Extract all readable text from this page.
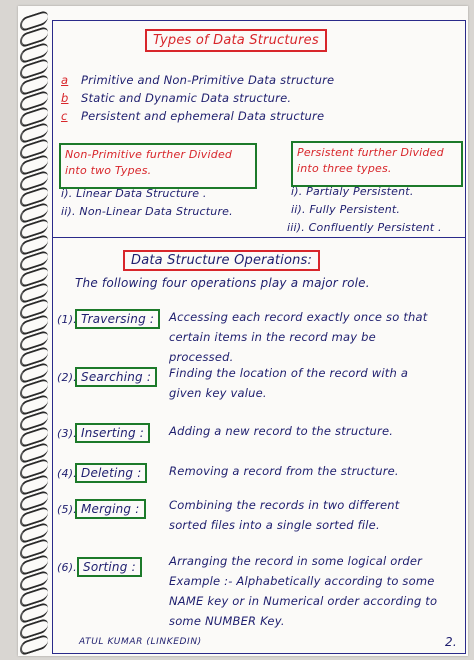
Types of Data Structures
a Primitive and Non-Primitive Data structure
b Static and Dynamic Data structure.
c Persistent and ephemeral Data structure
Non-Primitive further Divided into two Types.
i). Linear Data Structure .
ii). Non-Linear Data Structure.
Persistent further Divided into three types.
i). Partialy Persistent.
ii). Fully Persistent.
iii). Confluently Persistent .
Data Structure Operations:
The following four operations play a major role.
(1). Traversing :	Accessing each record exactly once so that certain items in the record may be processed.
(2). Searching :	Finding the location of the record with a given key value.
(3). Inserting :	Adding a new record to the structure.
(4). Deleting :	Removing a record from the structure.
(5). Merging :	Combining the records in two different sorted files into a single sorted file.
(6). Sorting :	Arranging the record in some logical order Example :- Alphabetically according to some NAME key or in Numerical order according to some NUMBER Key.
ATUL KUMAR (LINKEDIN)	2.
